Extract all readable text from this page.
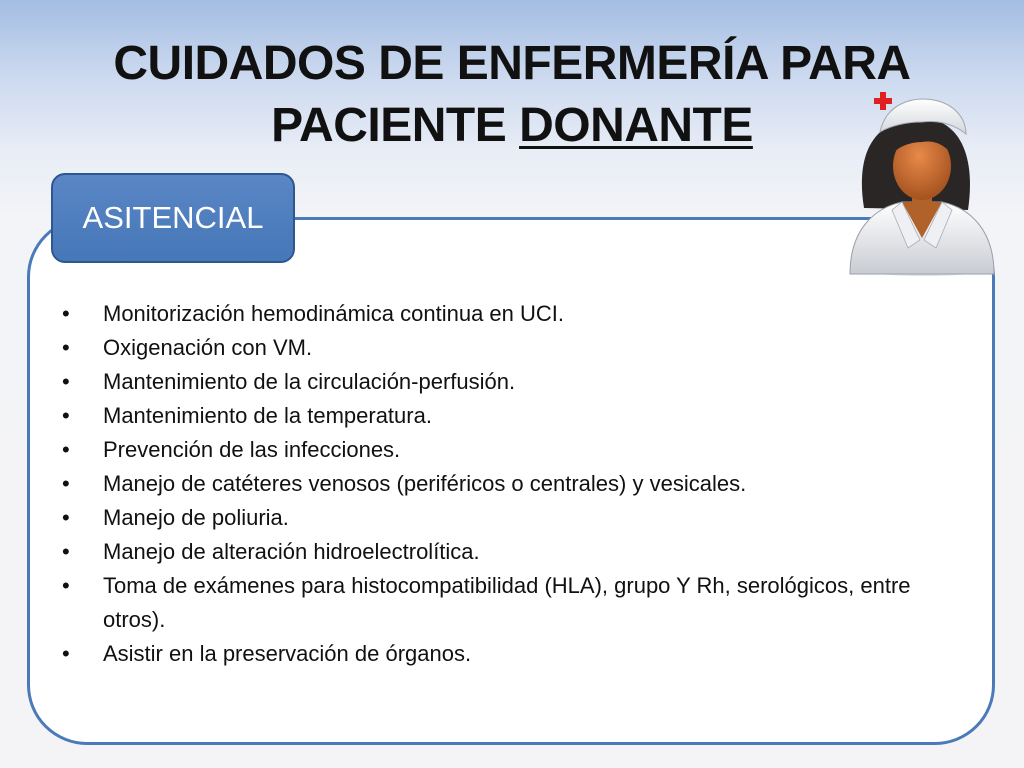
CUIDADOS DE ENFERMERÍA PARA
PACIENTE DONANTE
ASITENCIAL
• Monitorización hemodinámica continua en UCI.
• Oxigenación con VM.
• Mantenimiento de la circulación-perfusión.
• Mantenimiento de la temperatura.
• Prevención de las infecciones.
• Manejo de catéteres venosos (periféricos o centrales) y vesicales.
• Manejo de poliuria.
• Manejo de alteración hidroelectrolítica.
• Toma de exámenes para histocompatibilidad (HLA), grupo Y Rh, serológicos, entre otros).
• Asistir en la preservación de órganos.
